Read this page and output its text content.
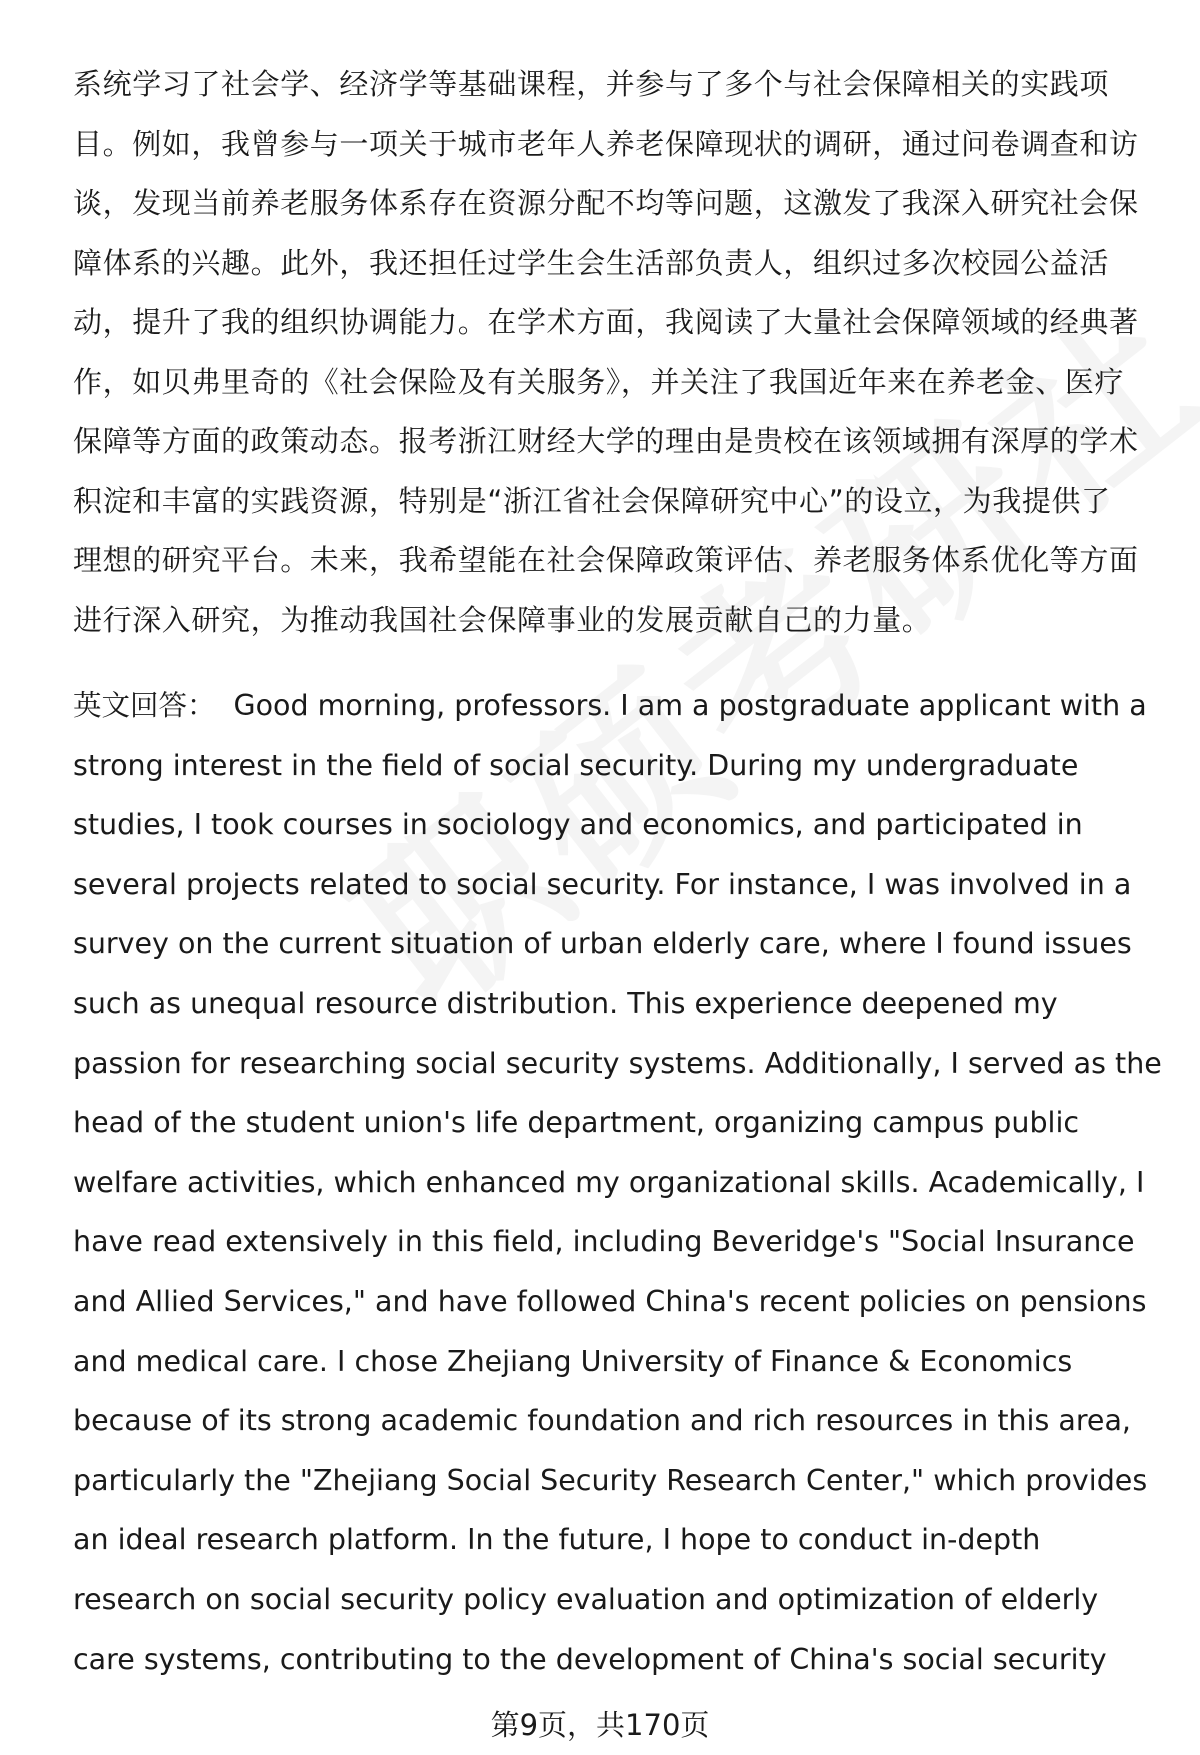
系统学习了社会学、经济学等基础课程，并参与了多个与社会保障相关的实践项
目。例如，我曾参与一项关于城市老年人养老保障现状的调研，通过问卷调查和访
谈，发现当前养老服务体系存在资源分配不均等问题，这激发了我深入研究社会保
障体系的兴趣。此外，我还担任过学生会生活部负责人，组织过多次校园公益活
动，提升了我的组织协调能力。在学术方面，我阅读了大量社会保障领域的经典著
作，如贝弗里奇的《社会保险及有关服务》，并关注了我国近年来在养老金、医疗
保障等方面的政策动态。报考浙江财经大学的理由是贵校在该领域拥有深厚的学术
积淀和丰富的实践资源，特别是“浙江省社会保障研究中心”的设立，为我提供了
理想的研究平台。未来，我希望能在社会保障政策评估、养老服务体系优化等方面
进行深入研究，为推动我国社会保障事业的发展贡献自己的力量。
英文回答： Good morning, professors. I am a postgraduate applicant with a
strong interest in the field of social security. During my undergraduate
studies, I took courses in sociology and economics, and participated in
several projects related to social security. For instance, I was involved in a
survey on the current situation of urban elderly care, where I found issues
such as unequal resource distribution. This experience deepened my
passion for researching social security systems. Additionally, I served as the
head of the student union's life department, organizing campus public
welfare activities, which enhanced my organizational skills. Academically, I
have read extensively in this field, including Beveridge's "Social Insurance
and Allied Services," and have followed China's recent policies on pensions
and medical care. I chose Zhejiang University of Finance & Economics
because of its strong academic foundation and rich resources in this area,
particularly the "Zhejiang Social Security Research Center," which provides
an ideal research platform. In the future, I hope to conduct in-depth
research on social security policy evaluation and optimization of elderly
care systems, contributing to the development of China's social security
第9页，共170页
